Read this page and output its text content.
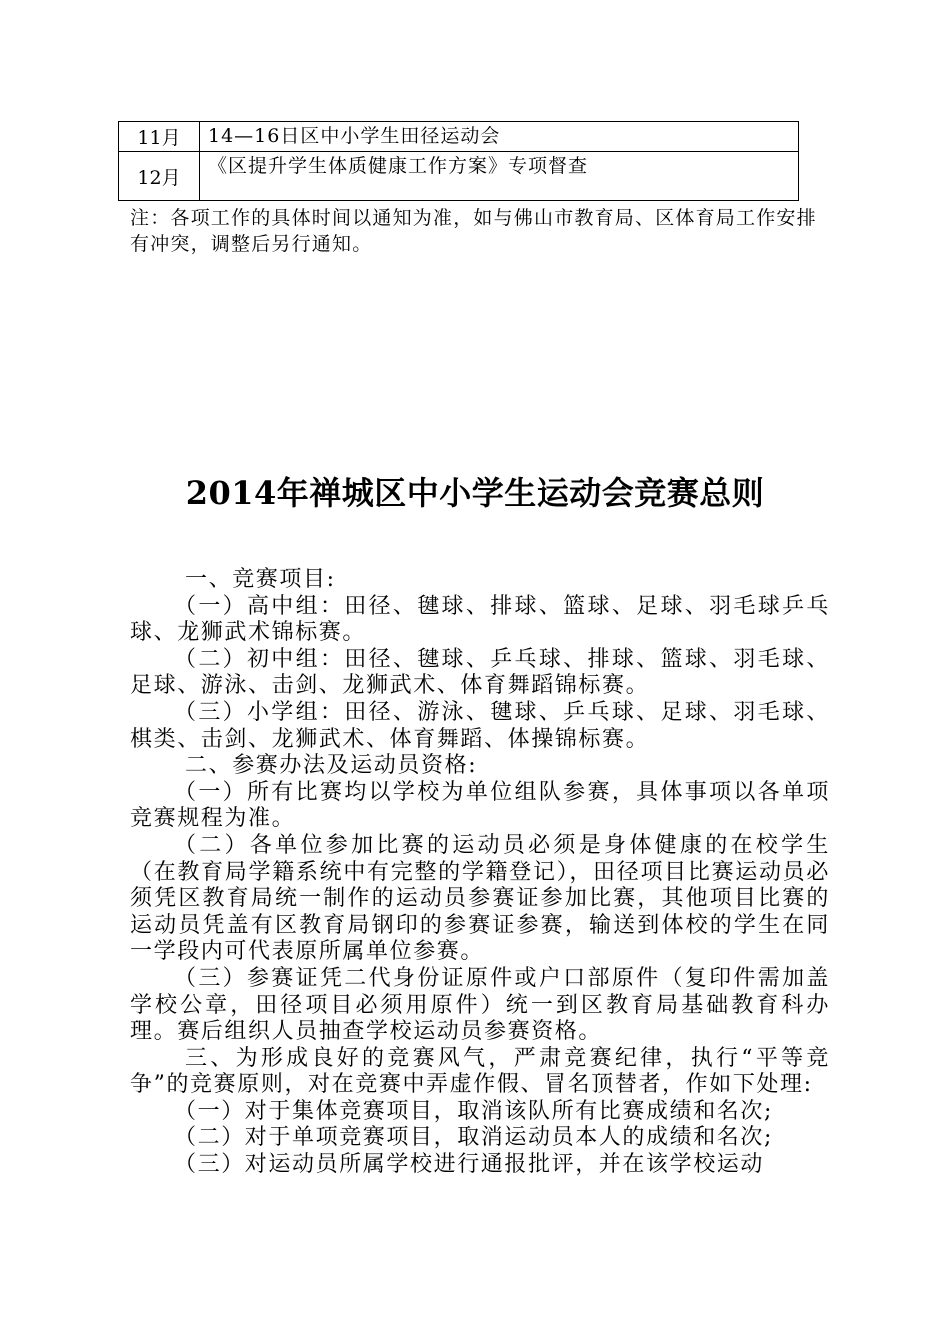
11月	14—16日区中小学生田径运动会
12月	《区提升学生体质健康工作方案》专项督查

注：各项工作的具体时间以通知为准，如与佛山市教育局、区体育局工作安排有冲突，调整后另行通知。

2014年禅城区中小学生运动会竞赛总则

一、竞赛项目:

（一）高中组：田径、毽球、排球、篮球、足球、羽毛球乒乓球、龙狮武术锦标赛。

（二）初中组：田径、毽球、乒乓球、排球、篮球、羽毛球、足球、游泳、击剑、龙狮武术、体育舞蹈锦标赛。

（三）小学组：田径、游泳、毽球、乒乓球、足球、羽毛球、棋类、击剑、龙狮武术、体育舞蹈、体操锦标赛。

二、参赛办法及运动员资格:

（一）所有比赛均以学校为单位组队参赛，具体事项以各单项竞赛规程为准。

（二）各单位参加比赛的运动员必须是身体健康的在校学生（在教育局学籍系统中有完整的学籍登记），田径项目比赛运动员必须凭区教育局统一制作的运动员参赛证参加比赛，其他项目比赛的运动员凭盖有区教育局钢印的参赛证参赛，输送到体校的学生在同一学段内可代表原所属单位参赛。

（三）参赛证凭二代身份证原件或户口部原件（复印件需加盖学校公章，田径项目必须用原件）统一到区教育局基础教育科办理。赛后组织人员抽查学校运动员参赛资格。

三、为形成良好的竞赛风气，严肃竞赛纪律，执行“平等竞争”的竞赛原则，对在竞赛中弄虚作假、冒名顶替者，作如下处理:

（一）对于集体竞赛项目，取消该队所有比赛成绩和名次;

（二）对于单项竞赛项目，取消运动员本人的成绩和名次;

（三）对运动员所属学校进行通报批评，并在该学校运动
